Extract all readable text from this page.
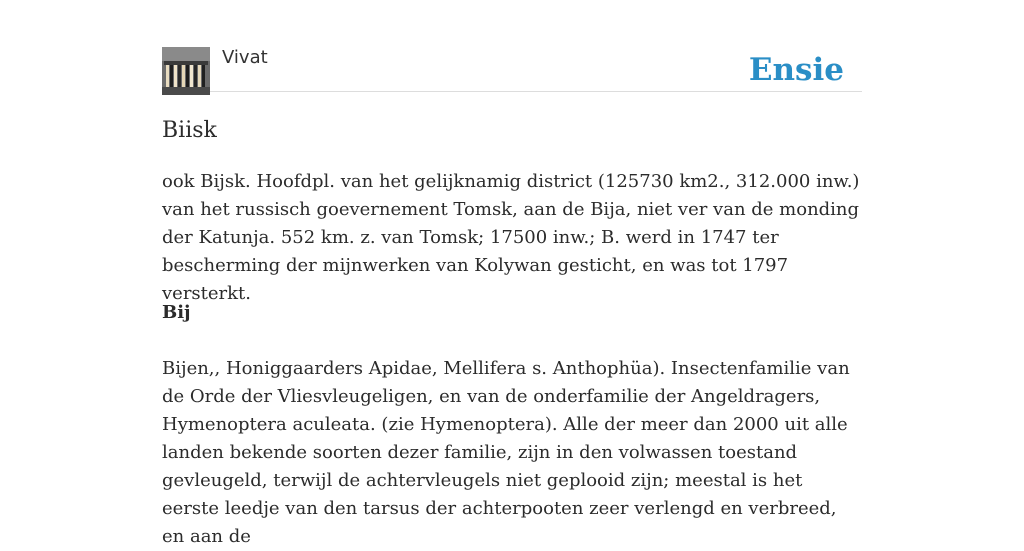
Vivat	Ensie
Biisk

ook Bijsk. Hoofdpl. van het gelijknamig district (125730 km2., 312.000 inw.) van het russisch goevernement Tomsk, aan de Bija, niet ver van de monding der Katunja. 552 km. z. van Tomsk; 17500 inw.; B. werd in 1747 ter bescherming der mijnwerken van Kolywan gesticht, en was tot 1797 versterkt.

Bij

Bijen,, Honiggaarders Apidae, Mellifera s. Anthophüa). Insectenfamilie van de Orde der Vliesvleugeligen, en van de onderfamilie der Angeldragers, Hymenoptera aculeata. (zie Hymenoptera). Alle der meer dan 2000 uit alle landen bekende soorten dezer familie, zijn in den volwassen toestand gevleugeld, terwijl de achtervleugels niet geplooid zijn; meestal is het eerste leedje van den tarsus der achterpooten zeer verlengd en verbreed, en aan de
